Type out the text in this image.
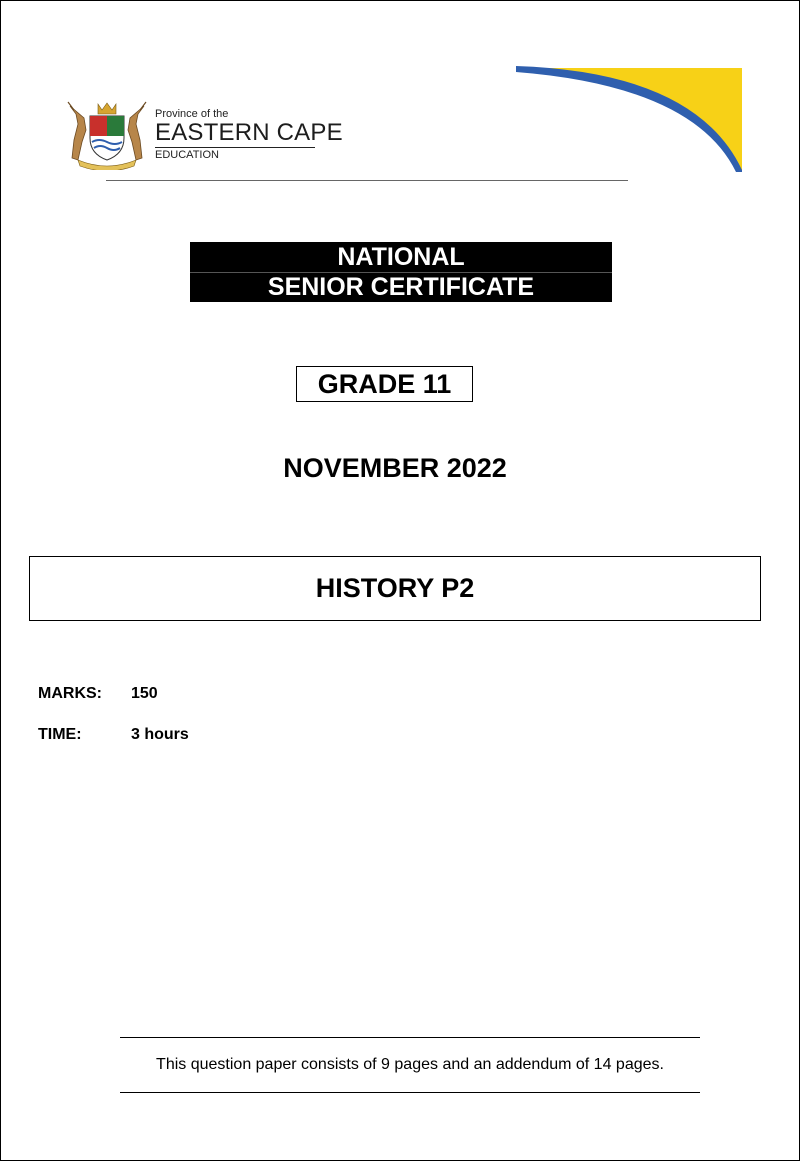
Province of the
EASTERN CAPE
EDUCATION
NATIONAL
SENIOR CERTIFICATE
GRADE 11
NOVEMBER 2022
HISTORY P2
MARKS: 150
TIME:	3 hours
This question paper consists of 9 pages and an addendum of 14 pages.
